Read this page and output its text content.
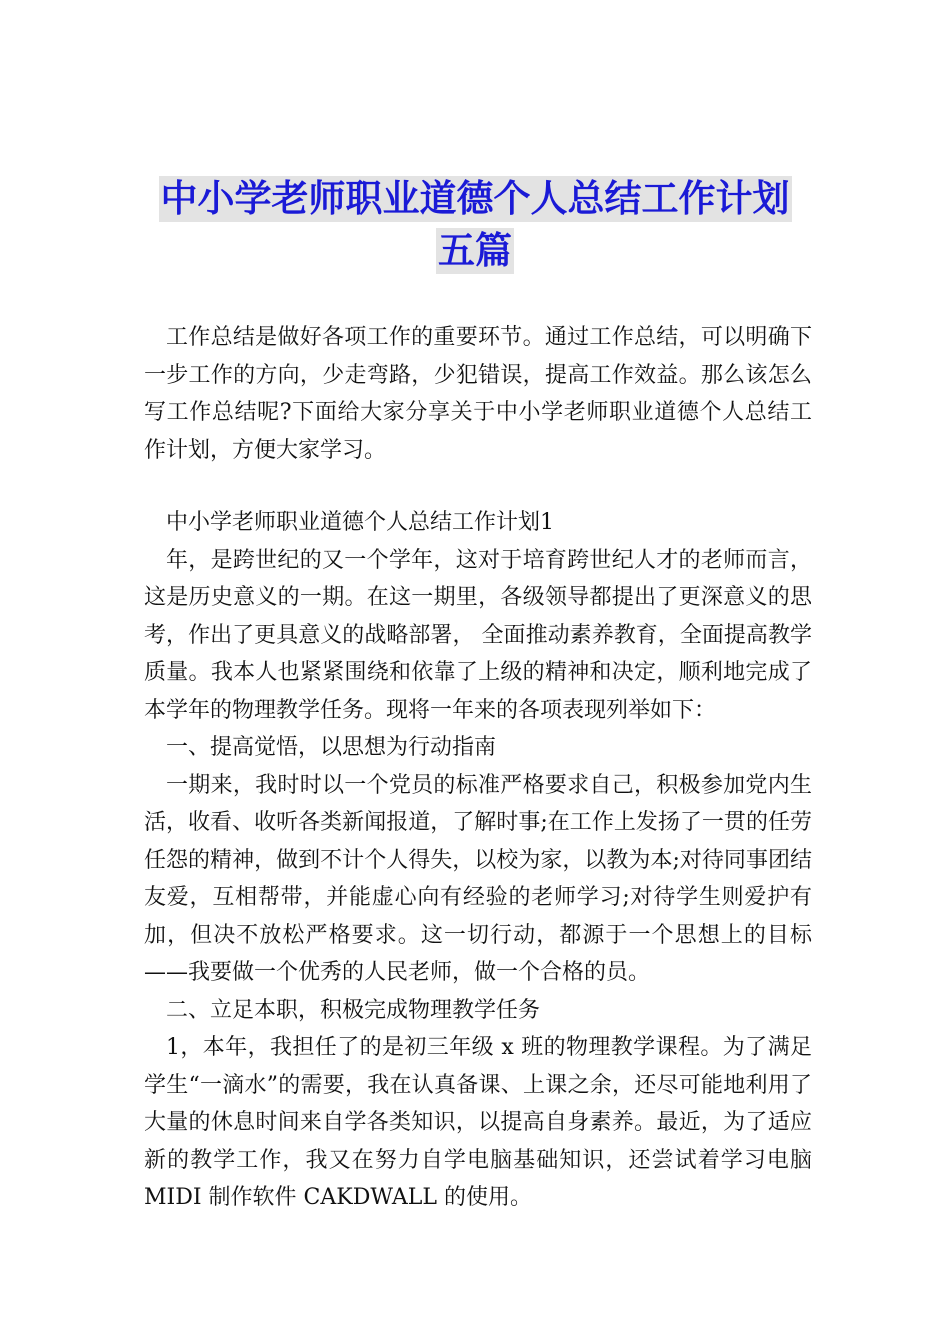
中小学老师职业道德个人总结工作计划
五篇

工作总结是做好各项工作的重要环节。通过工作总结，可以明确下一步工作的方向，少走弯路，少犯错误，提高工作效益。那么该怎么写工作总结呢?下面给大家分享关于中小学老师职业道德个人总结工作计划，方便大家学习。

中小学老师职业道德个人总结工作计划1

年，是跨世纪的又一个学年，这对于培育跨世纪人才的老师而言，这是历史意义的一期。在这一期里，各级领导都提出了更深意义的思考，作出了更具意义的战略部署， 全面推动素养教育，全面提高教学质量。我本人也紧紧围绕和依靠了上级的精神和决定，顺利地完成了本学年的物理教学任务。现将一年来的各项表现列举如下：

一、提高觉悟，以思想为行动指南

一期来，我时时以一个党员的标准严格要求自己，积极参加党内生活，收看、收听各类新闻报道，了解时事;在工作上发扬了一贯的任劳任怨的精神，做到不计个人得失，以校为家，以教为本;对待同事团结友爱，互相帮带，并能虚心向有经验的老师学习;对待学生则爱护有加，但决不放松严格要求。这一切行动，都源于一个思想上的目标——我要做一个优秀的人民老师，做一个合格的员。

二、立足本职，积极完成物理教学任务

1，本年，我担任了的是初三年级 x 班的物理教学课程。为了满足学生“一滴水”的需要，我在认真备课、上课之余，还尽可能地利用了大量的休息时间来自学各类知识，以提高自身素养。最近，为了适应新的教学工作，我又在努力自学电脑基础知识，还尝试着学习电脑 MIDI 制作软件 CAKDWALL 的使用。
